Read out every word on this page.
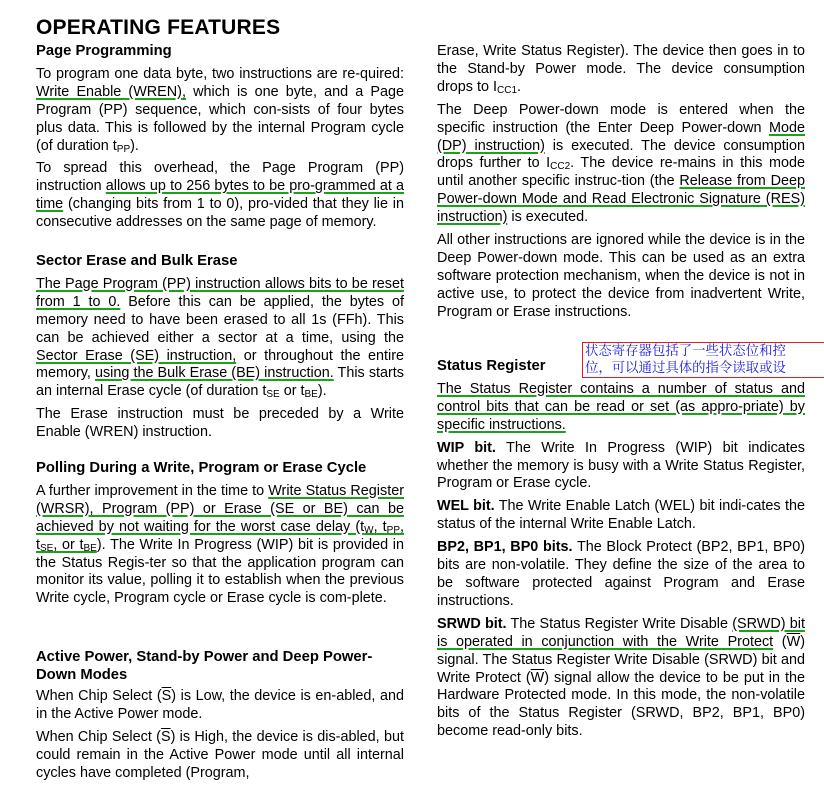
OPERATING FEATURES
Page Programming

To program one data byte, two instructions are re-quired: Write Enable (WREN), which is one byte, and a Page Program (PP) sequence, which con-sists of four bytes plus data. This is followed by the internal Program cycle (of duration $t_{PP}$).

To spread this overhead, the Page Program (PP) instruction allows up to 256 bytes to be pro-grammed at a time (changing bits from 1 to 0), pro-vided that they lie in consecutive addresses on the same page of memory.

Sector Erase and Bulk Erase

The Page Program (PP) instruction allows bits to be reset from 1 to 0. Before this can be applied, the bytes of memory need to have been erased to all 1s (FFh). This can be achieved either a sector at a time, using the Sector Erase (SE) instruction, or throughout the entire memory, using the Bulk Erase (BE) instruction. This starts an internal Erase cycle (of duration $t_{SE}$ or $t_{BE}$).

The Erase instruction must be preceded by a Write Enable (WREN) instruction.

Polling During a Write, Program or Erase Cycle

A further improvement in the time to Write Status Register (WRSR), Program (PP) or Erase (SE or BE) can be achieved by not waiting for the worst case delay ($t_W$, $t_{PP}$, $t_{SE}$, or $t_{BE}$). The Write In Progress (WIP) bit is provided in the Status Regis-ter so that the application program can monitor its value, polling it to establish when the previous Write cycle, Program cycle or Erase cycle is com-plete.

Active Power, Stand-by Power and Deep Power-Down Modes

When Chip Select $(\overline{S})$ is Low, the device is en-abled, and in the Active Power mode.

When Chip Select $(\overline{S})$ is High, the device is dis-abled, but could remain in the Active Power mode until all internal cycles have completed (Program,

Erase, Write Status Register). The device then goes in to the Stand-by Power mode. The device consumption drops to $I_{CC1}$.

The Deep Power-down mode is entered when the specific instruction (the Enter Deep Power-down Mode (DP) instruction) is executed. The device consumption drops further to $I_{CC2}$. The device re-mains in this mode until another specific instruc-tion (the Release from Deep Power-down Mode and Read Electronic Signature (RES) instruction) is executed.

All other instructions are ignored while the device is in the Deep Power-down mode. This can be used as an extra software protection mechanism, when the device is not in active use, to protect the device from inadvertent Write, Program or Erase instructions.

Status Register

The Status Register contains a number of status and control bits that can be read or set (as appro-priate) by specific instructions.

WIP bit. The Write In Progress (WIP) bit indicates whether the memory is busy with a Write Status Register, Program or Erase cycle.

WEL bit. The Write Enable Latch (WEL) bit indi-cates the status of the internal Write Enable Latch.

BP2, BP1, BP0 bits. The Block Protect (BP2, BP1, BP0) bits are non-volatile. They define the size of the area to be software protected against Program and Erase instructions.

SRWD bit. The Status Register Write Disable (SRWD) bit is operated in conjunction with the Write Protect $(\overline{W})$ signal. The Status Register Write Disable (SRWD) bit and Write Protect $(\overline{W})$ signal allow the device to be put in the Hardware Protected mode. In this mode, the non-volatile bits of the Status Register (SRWD, BP2, BP1, BP0) become read-only bits.

状态寄存器包括了一些状态位和控
位，可以通过具体的指令读取或设
